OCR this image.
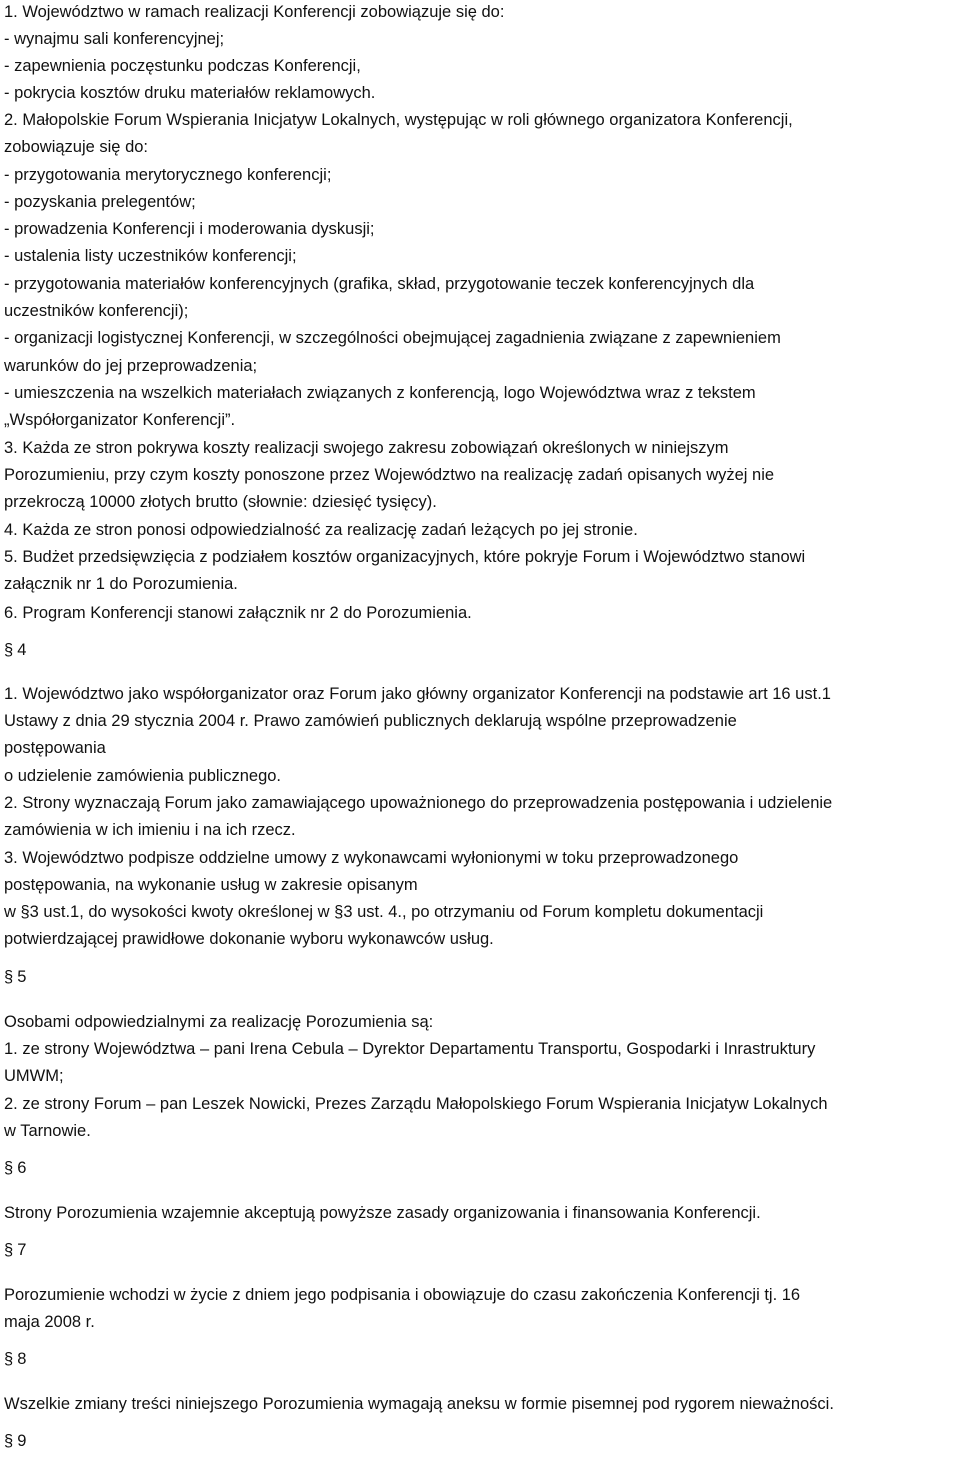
1. Województwo w ramach realizacji Konferencji zobowiązuje się do:
- wynajmu sali konferencyjnej;
- zapewnienia poczęstunku podczas Konferencji,
- pokrycia kosztów druku materiałów reklamowych.
2. Małopolskie Forum Wspierania Inicjatyw Lokalnych, występując w roli głównego organizatora Konferencji,
zobowiązuje się do:
- przygotowania merytorycznego konferencji;
- pozyskania prelegentów;
- prowadzenia Konferencji i moderowania dyskusji;
- ustalenia listy uczestników konferencji;
- przygotowania materiałów konferencyjnych (grafika, skład, przygotowanie teczek konferencyjnych dla
uczestników konferencji);
- organizacji logistycznej Konferencji, w szczególności obejmującej zagadnienia związane z zapewnieniem
warunków do jej przeprowadzenia;
- umieszczenia na wszelkich materiałach związanych z konferencją, logo Województwa wraz z tekstem
„Współorganizator Konferencji”.
3. Każda ze stron pokrywa koszty realizacji swojego zakresu zobowiązań określonych w niniejszym
Porozumieniu, przy czym koszty ponoszone przez Województwo na realizację zadań opisanych wyżej nie
przekroczą 10000 złotych brutto (słownie: dziesięć tysięcy).
4. Każda ze stron ponosi odpowiedzialność za realizację zadań leżących po jej stronie.
5. Budżet przedsięwzięcia z podziałem kosztów organizacyjnych, które pokryje Forum i Województwo stanowi
załącznik nr 1 do Porozumienia.
6. Program Konferencji stanowi załącznik nr 2 do Porozumienia.
§ 4
1. Województwo jako współorganizator oraz Forum jako główny organizator Konferencji na podstawie art 16 ust.1
Ustawy z dnia 29 stycznia 2004 r. Prawo zamówień publicznych deklarują wspólne przeprowadzenie
postępowania
o udzielenie zamówienia publicznego.
2. Strony wyznaczają Forum jako zamawiającego upoważnionego do przeprowadzenia postępowania i udzielenie
zamówienia w ich imieniu i na ich rzecz.
3. Województwo podpisze oddzielne umowy z wykonawcami wyłonionymi w toku przeprowadzonego
postępowania, na wykonanie usług w zakresie opisanym
w §3 ust.1, do wysokości kwoty określonej w §3 ust. 4., po otrzymaniu od Forum kompletu dokumentacji
potwierdzającej prawidłowe dokonanie wyboru wykonawców usług.
§ 5
Osobami odpowiedzialnymi za realizację Porozumienia są:
1. ze strony Województwa – pani Irena Cebula – Dyrektor Departamentu Transportu, Gospodarki i Inrastruktury
UMWM;
2. ze strony Forum – pan Leszek Nowicki, Prezes Zarządu Małopolskiego Forum Wspierania Inicjatyw Lokalnych
w Tarnowie.
§ 6
Strony Porozumienia wzajemnie akceptują powyższe zasady organizowania i finansowania Konferencji.
§ 7
Porozumienie wchodzi w życie z dniem jego podpisania i obowiązuje do czasu zakończenia Konferencji tj. 16
maja 2008 r.
§ 8
Wszelkie zmiany treści niniejszego Porozumienia wymagają aneksu w formie pisemnej pod rygorem nieważności.
§ 9
